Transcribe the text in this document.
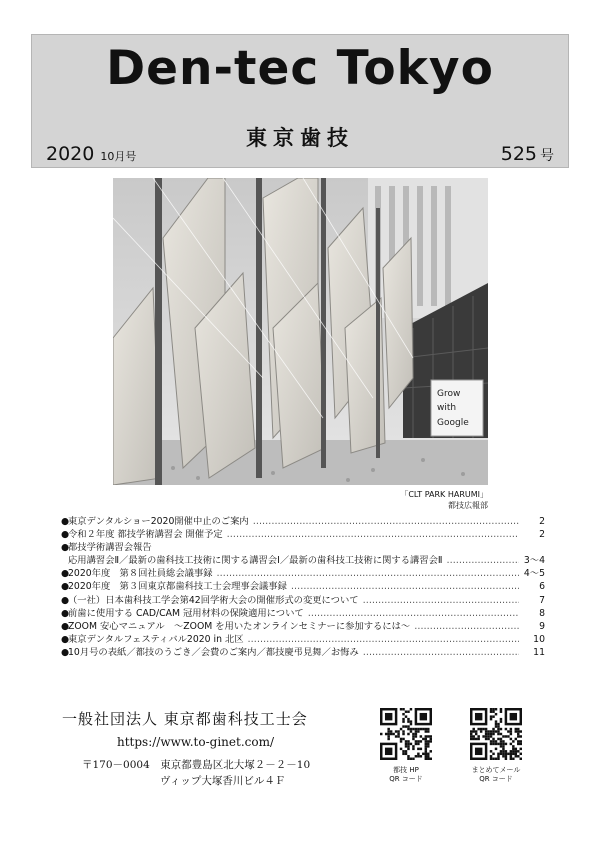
Den-tec Tokyo
東京歯技
2020 10月号	525 号
Grow
with
Google
「CLT PARK HARUMI」
都技広報部
●
東京デンタルショー2020開催中止のご案内 ……………………………………………………………………………………………………………………………………………………………………………	2
●
令和２年度 都技学術講習会 開催予定 ……………………………………………………………………………………………………………………………………………………………………………	2
●
都技学術講習会報告
応用講習会Ⅱ／最新の歯科技工技術に関する講習会Ⅰ／最新の歯科技工技術に関する講習会Ⅱ ……………………………………………………………………………………………………………………………………………………………………………	3～4
●
2020年度　第８回社員総会議事録 ……………………………………………………………………………………………………………………………………………………………………………	4～5
●
2020年度　第３回東京都歯科技工士会理事会議事録 ……………………………………………………………………………………………………………………………………………………………………………	6
●
（一社）日本歯科技工学会第42回学術大会の開催形式の変更について ……………………………………………………………………………………………………………………………………………………………………………	7
●
前歯に使用する CAD/CAM 冠用材料の保険適用について ……………………………………………………………………………………………………………………………………………………………………………	8
●
ZOOM 安心マニュアル　～ZOOM を用いたオンラインセミナーに参加するには～ ……………………………………………………………………………………………………………………………………………………………………………	9
●
東京デンタルフェスティバル2020 in 北区 ……………………………………………………………………………………………………………………………………………………………………………	10
●
10月号の表紙／都技のうごき／会費のご案内／都技慶弔見舞／お悔み ……………………………………………………………………………………………………………………………………………………………………………	11
一般社団法人 東京都歯科技工士会
https://www.to-ginet.com/
〒170－0004　東京都豊島区北大塚２－２－10
ヴィップ大塚香川ビル４Ｆ
都技 HP
QR コード
まとめてメール
QR コード
